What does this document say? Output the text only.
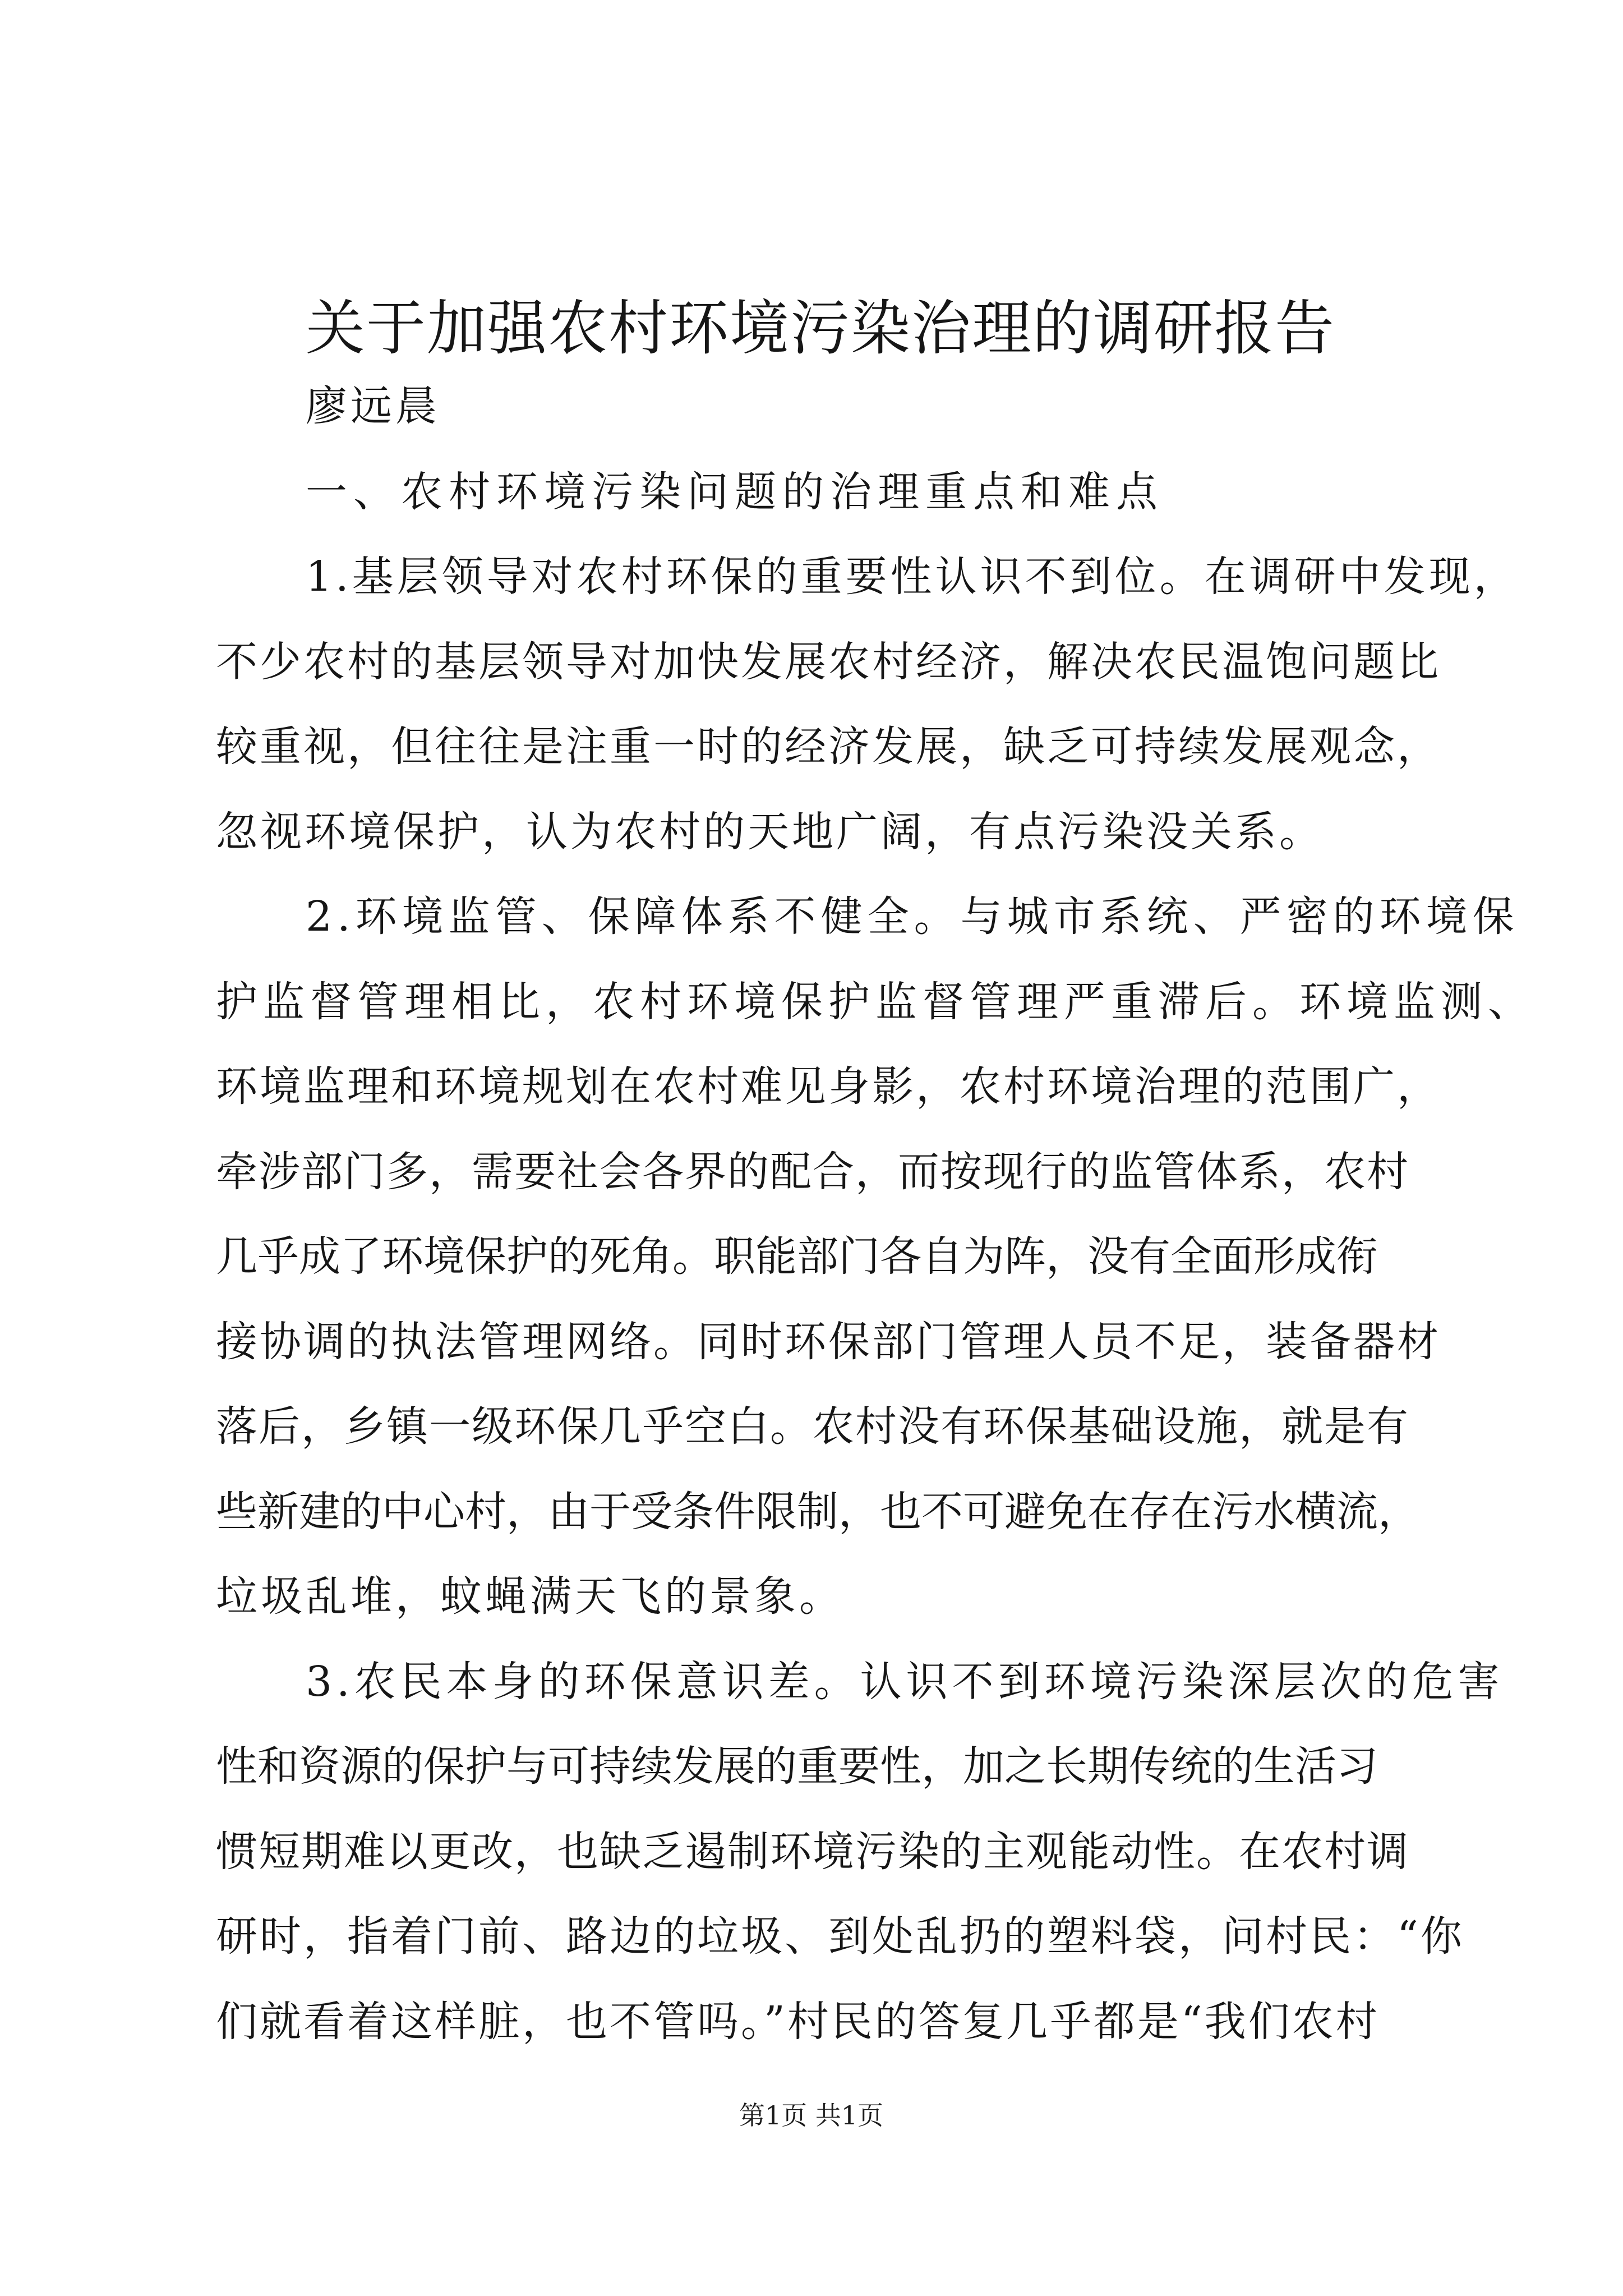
关于加强农村环境污染治理的调研报告
廖远晨
一、农村环境污染问题的治理重点和难点
1.基层领导对农村环保的重要性认识不到位。在调研中发现，
不少农村的基层领导对加快发展农村经济，解决农民温饱问题比
较重视，但往往是注重一时的经济发展，缺乏可持续发展观念，
忽视环境保护，认为农村的天地广阔，有点污染没关系。
2.环境监管、保障体系不健全。与城市系统、严密的环境保
护监督管理相比，农村环境保护监督管理严重滞后。环境监测、
环境监理和环境规划在农村难见身影，农村环境治理的范围广，
牵涉部门多，需要社会各界的配合，而按现行的监管体系，农村
几乎成了环境保护的死角。职能部门各自为阵，没有全面形成衔
接协调的执法管理网络。同时环保部门管理人员不足，装备器材
落后，乡镇一级环保几乎空白。农村没有环保基础设施，就是有
些新建的中心村，由于受条件限制，也不可避免在存在污水横流，
垃圾乱堆，蚊蝇满天飞的景象。
3.农民本身的环保意识差。认识不到环境污染深层次的危害
性和资源的保护与可持续发展的重要性，加之长期传统的生活习
惯短期难以更改，也缺乏遏制环境污染的主观能动性。在农村调
研时，指着门前、路边的垃圾、到处乱扔的塑料袋，问村民：“你
们就看着这样脏，也不管吗。”村民的答复几乎都是“我们农村
第1页 共1页
